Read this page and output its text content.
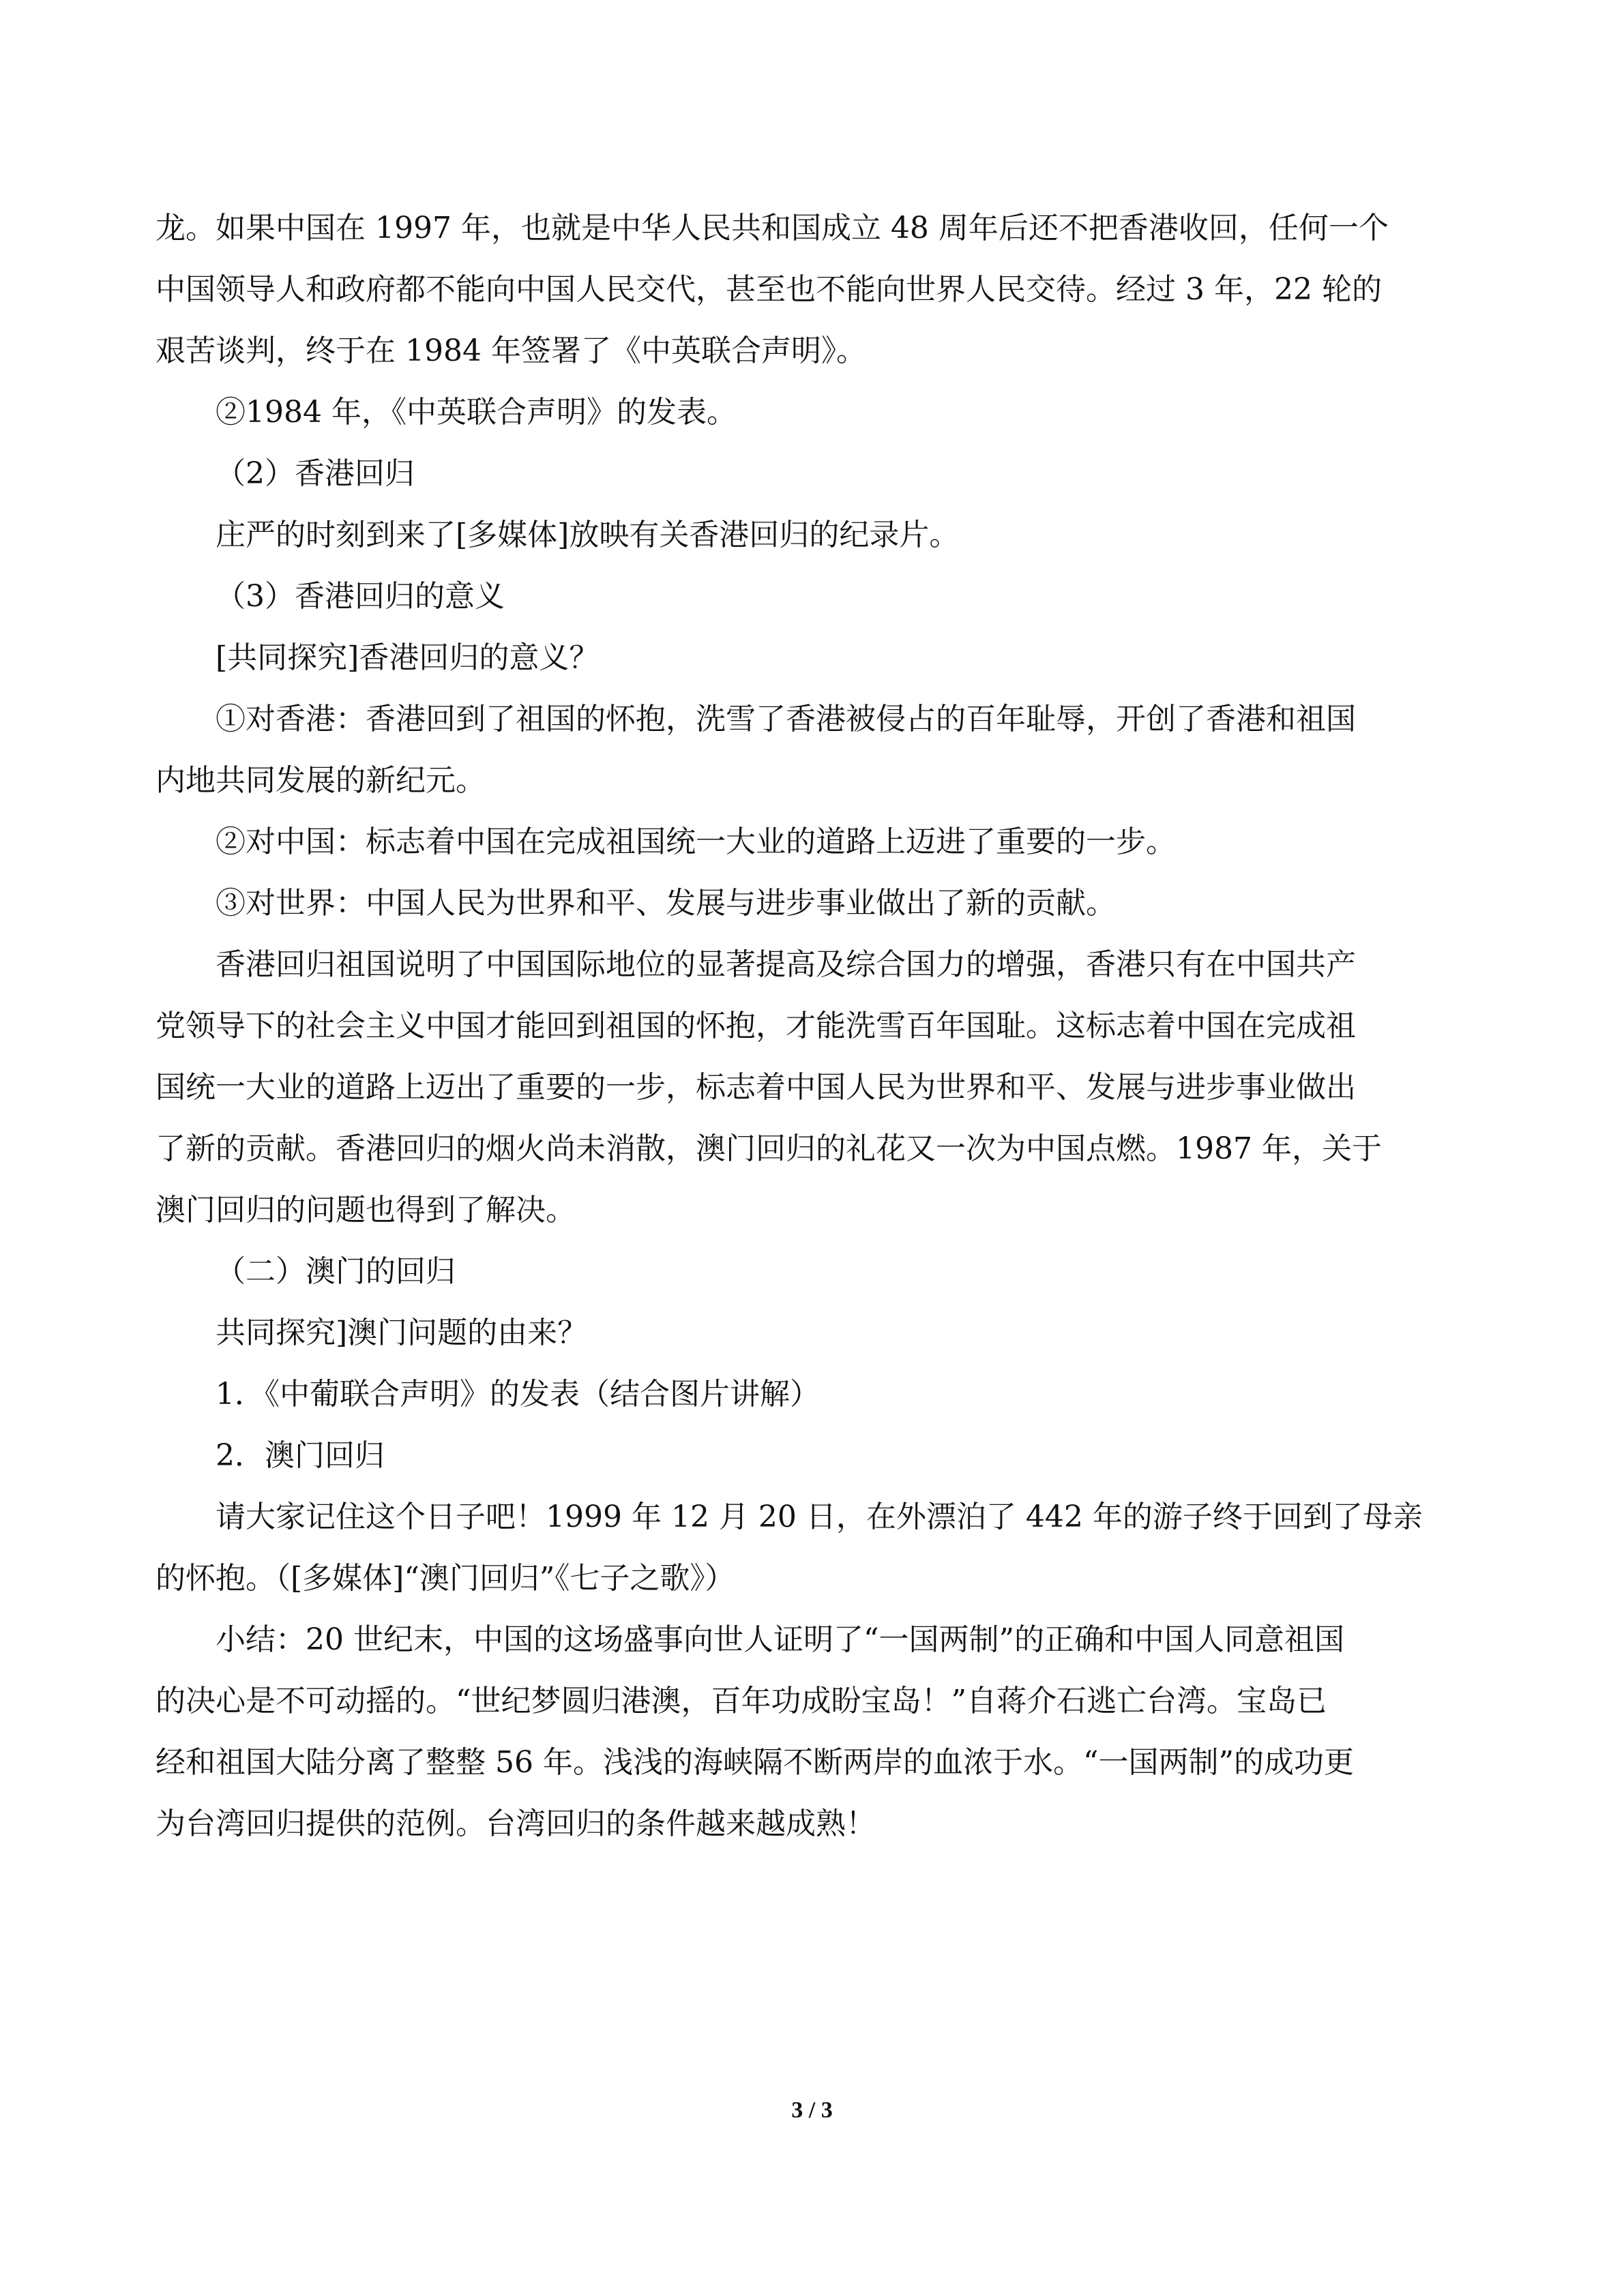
龙。如果中国在 1997 年，也就是中华人民共和国成立 48 周年后还不把香港收回，任何一个

中国领导人和政府都不能向中国人民交代，甚至也不能向世界人民交待。经过 3 年，22 轮的

艰苦谈判，终于在 1984 年签署了《中英联合声明》。

②1984 年，《中英联合声明》的发表。

（2）香港回归

庄严的时刻到来了[多媒体]放映有关香港回归的纪录片。

（3）香港回归的意义

[共同探究]香港回归的意义？

①对香港：香港回到了祖国的怀抱，洗雪了香港被侵占的百年耻辱，开创了香港和祖国

内地共同发展的新纪元。

②对中国：标志着中国在完成祖国统一大业的道路上迈进了重要的一步。

③对世界：中国人民为世界和平、发展与进步事业做出了新的贡献。

香港回归祖国说明了中国国际地位的显著提高及综合国力的增强，香港只有在中国共产

党领导下的社会主义中国才能回到祖国的怀抱，才能洗雪百年国耻。这标志着中国在完成祖

国统一大业的道路上迈出了重要的一步，标志着中国人民为世界和平、发展与进步事业做出

了新的贡献。香港回归的烟火尚未消散，澳门回归的礼花又一次为中国点燃。1987 年，关于

澳门回归的问题也得到了解决。

（二）澳门的回归

共同探究]澳门问题的由来？

1．《中葡联合声明》的发表（结合图片讲解）

2．澳门回归

请大家记住这个日子吧！1999 年 12 月 20 日，在外漂泊了 442 年的游子终于回到了母亲

的怀抱。（[多媒体]“澳门回归”《七子之歌》）

小结：20 世纪末，中国的这场盛事向世人证明了“一国两制”的正确和中国人同意祖国

的决心是不可动摇的。“世纪梦圆归港澳，百年功成盼宝岛！”自蒋介石逃亡台湾。宝岛已

经和祖国大陆分离了整整 56 年。浅浅的海峡隔不断两岸的血浓于水。“一国两制”的成功更

为台湾回归提供的范例。台湾回归的条件越来越成熟！

3 / 3
